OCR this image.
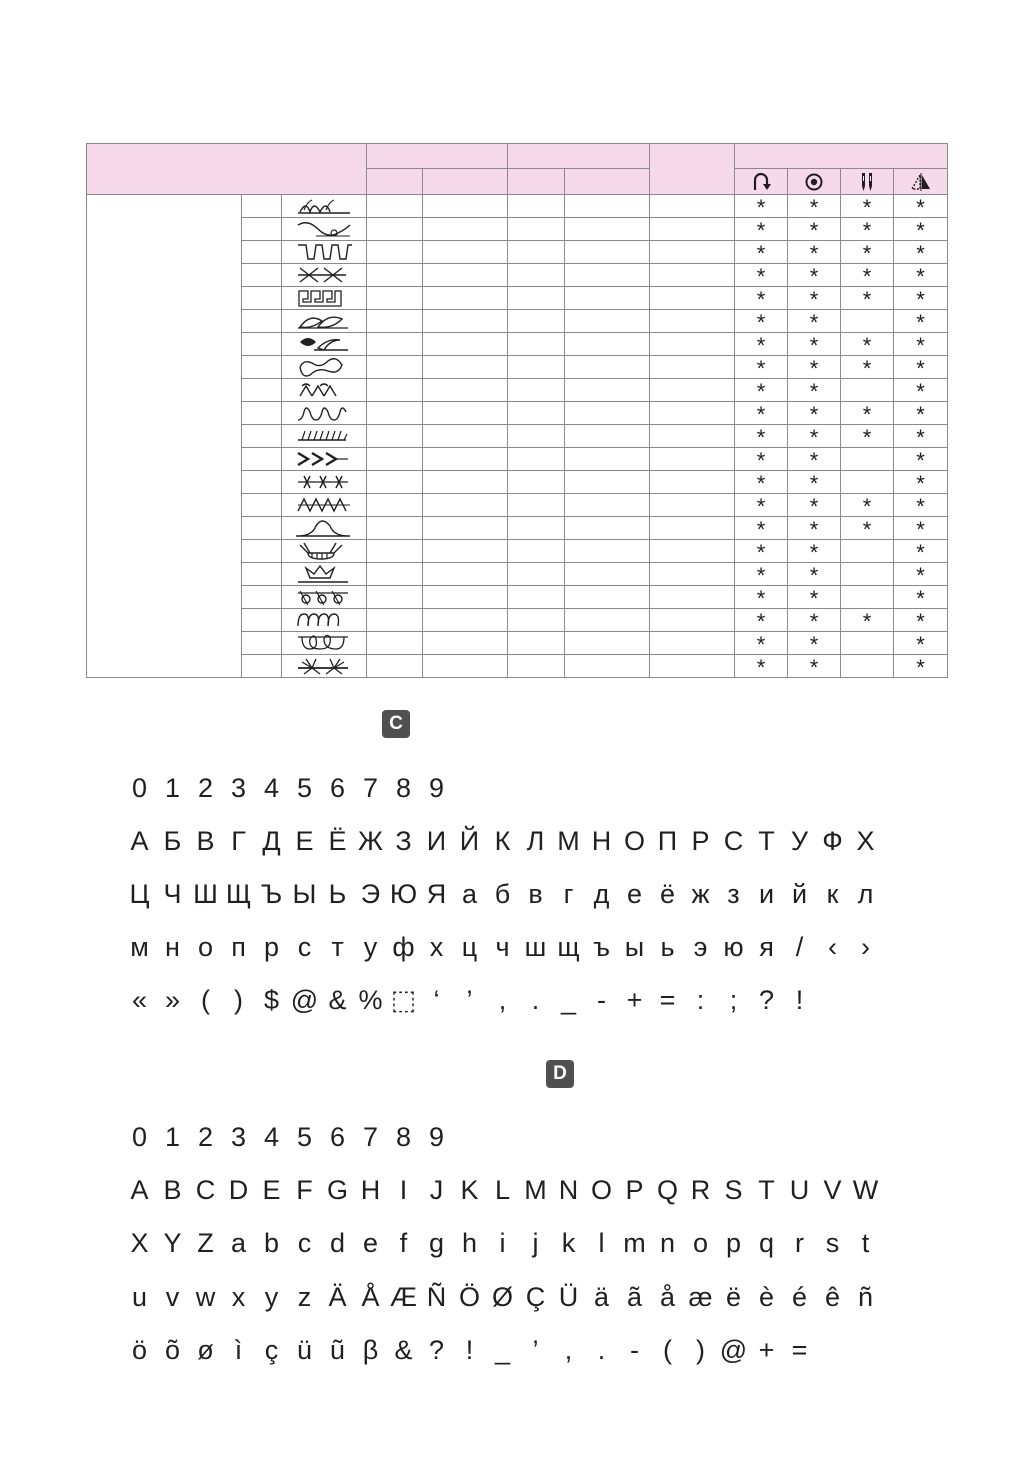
						*	*	*	*

						*	*	*	*

						*	*	*	*

						*	*	*	*

						*	*	*	*

						*	*		*

						*	*	*	*

						*	*	*	*

						*	*		*

						*	*	*	*

						*	*	*	*

						*	*		*

						*	*		*

						*	*	*	*

						*	*	*	*

						*	*		*

						*	*		*

						*	*		*

						*	*	*	*

						*	*		*

						*	*		*
C
0 1 2 3 4 5 6 7 8 9
А Б В Г Д Е Ё Ж З И Й К Л М Н О П Р С Т У Ф Х
Ц Ч Ш Щ Ъ Ы Ь Э Ю Я а б в г д е ё ж з и й к л
м н о п р с т у ф х ц ч ш щ ъ ы ь э ю я / ‹ ›
« » ( ) $ @ & % ⬚ ‘ ’ , . _ - + = : ; ? !
D
0 1 2 3 4 5 6 7 8 9
A B C D E F G H I J K L M N O P Q R S T U V W
X Y Z a b c d e f g h i j k l m n o p q r s t
u v w x y z Ä Å Æ Ñ Ö Ø Ç Ü ä ã å æ ë è é ê ñ
ö õ ø ì ç ü ũ β & ? ! _ ’ , . - ( ) @ + =
